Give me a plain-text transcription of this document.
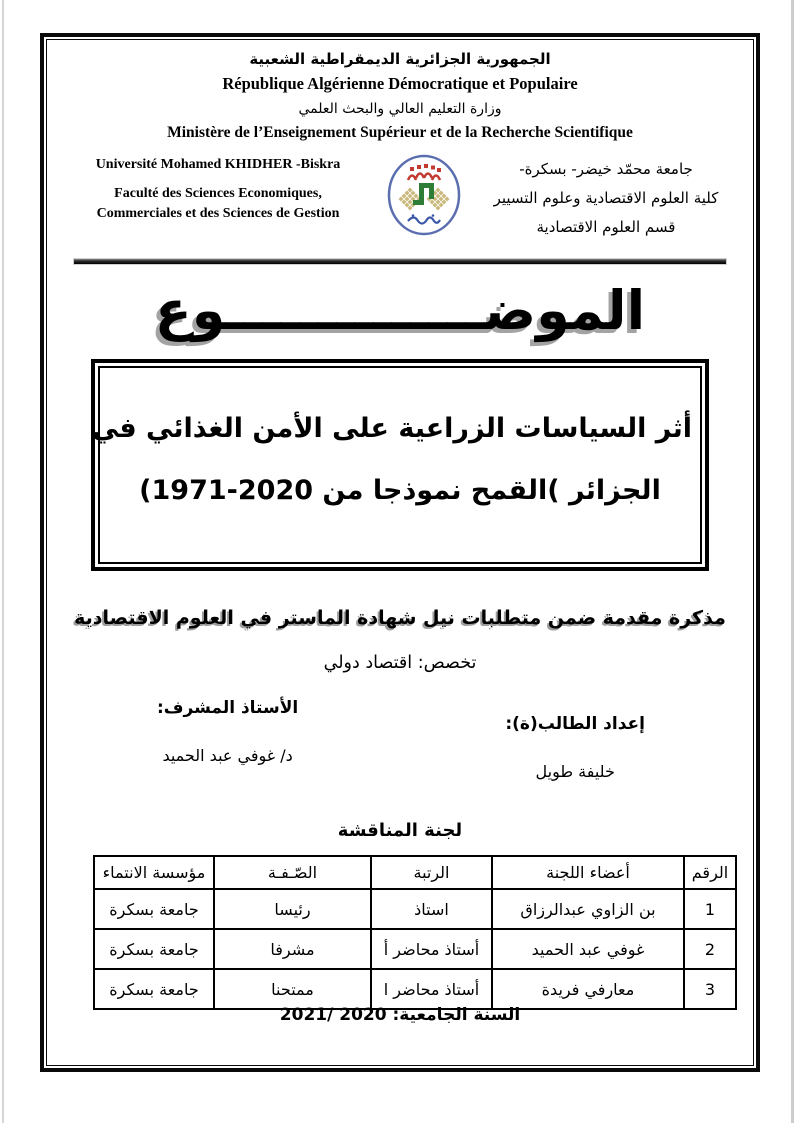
الجمهورية الجزائرية الديمقراطية الشعبية
République Algérienne Démocratique et Populaire
وزارة التعليم العالي والبحث العلمي
Ministère de l’Enseignement Supérieur et de la Recherche Scientifique
Université Mohamed KHIDHER -Biskra
Faculté des Sciences Economiques,
Commerciales et des Sciences de Gestion
جامعة محمّد خيضر- بسكرة-
كلية العلوم الاقتصادية وعلوم التسيير
قسم العلوم الاقتصادية
الموضــــــــــــــوع
أثر السياسات الزراعية على الأمن الغذائي في
الجزائر )القمح نموذجا من 2020-1971)
مذكرة مقدمة ضمن متطلبات نيل شهادة الماستر في العلوم الاقتصادية
تخصص: اقتصاد دولي
إعداد الطالب(ة):
خليفة طويل
الأستاذ المشرف:
د/ غوفي عبد الحميد
لجنة المناقشة
الرقم	أعضاء اللجنة	الرتبة	الصّـفـة	مؤسسة الانتماء
1	بن الزاوي عبدالرزاق	استاذ	رئيسا	جامعة بسكرة
2	غوفي عبد الحميد	أستاذ محاضر أ	مشرفا	جامعة بسكرة
3	معارفي فريدة	أستاذ محاضر ا	ممتحنا	جامعة بسكرة
السنة الجامعية: 2020 /2021
